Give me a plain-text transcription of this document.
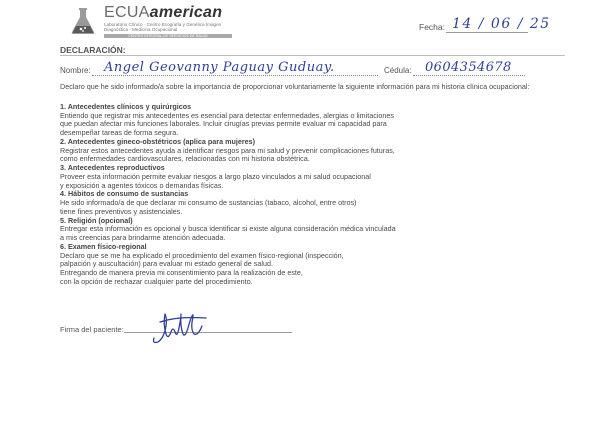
ECUAamerican
Laboratorio Clínico · Centro Ecografía y Genética Imagen Diagnóstica · Medicina Ocupacional
CENTRO INTEGRAL DE SERVICIOS DE SALUD
Fecha: 14 / 06 / 25
DECLARACIÓN:
Nombre: Angel Geovanny Paguay Guduay.	Cédula: 0604354678

Declaro que he sido informado/a sobre la importancia de proporcionar voluntariamente la siguiente información para mi historia clínica ocupacional:

1. Antecedentes clínicos y quirúrgicos

Entiendo que registrar mis antecedentes es esencial para detectar enfermedades, alergias o limitaciones

que puedan afectar mis funciones laborales. Incluir cirugías previas permite evaluar mi capacidad para

desempeñar tareas de forma segura.

2. Antecedentes gineco-obstétricos (aplica para mujeres)

Registrar estos antecedentes ayuda a identificar riesgos para mi salud y prevenir complicaciones futuras,

como enfermedades cardiovasculares, relacionadas con mi historia obstétrica.

3. Antecedentes reproductivos

Proveer esta información permite evaluar riesgos a largo plazo vinculados a mi salud ocupacional

y exposición a agentes tóxicos o demandas físicas.

4. Hábitos de consumo de sustancias

He sido informado/a de que declarar mi consumo de sustancias (tabaco, alcohol, entre otros)

tiene fines preventivos y asistenciales.

5. Religión (opcional)

Entregar esta información es opcional y busca identificar si existe alguna consideración médica vinculada

a mis creencias para brindarme atención adecuada.

6. Examen físico-regional

Declaro que se me ha explicado el procedimiento del examen físico-regional (inspección,

palpación y auscultación) para evaluar mi estado general de salud.

Entregando de manera previa mi consentimiento para la realización de este,

con la opción de rechazar cualquier parte del procedimiento.

Firma del paciente:
